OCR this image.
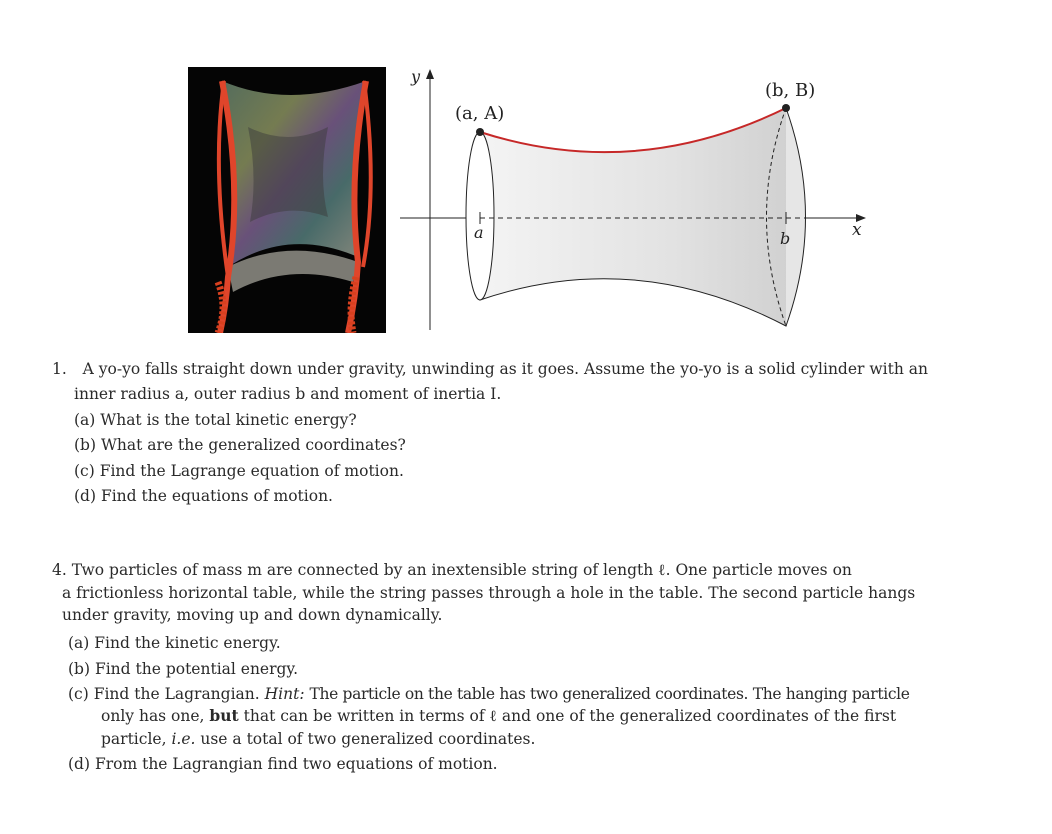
(a, A)
(b, B)
y
x
a	b
1. A yo-yo falls straight down under gravity, unwinding as it goes. Assume the yo-yo is a solid cylinder with an
inner radius a, outer radius b and moment of inertia I.
(a) What is the total kinetic energy?
(b) What are the generalized coordinates?
(c) Find the Lagrange equation of motion.
(d) Find the equations of motion.
4. Two particles of mass m are connected by an inextensible string of length ℓ. One particle moves on
a frictionless horizontal table, while the string passes through a hole in the table. The second particle hangs
under gravity, moving up and down dynamically.
(a) Find the kinetic energy.
(b) Find the potential energy.
(c) Find the Lagrangian. Hint: The particle on the table has two generalized coordinates. The hanging particle
only has one, but that can be written in terms of ℓ and one of the generalized coordinates of the first
particle, i.e. use a total of two generalized coordinates.
(d) From the Lagrangian find two equations of motion.
